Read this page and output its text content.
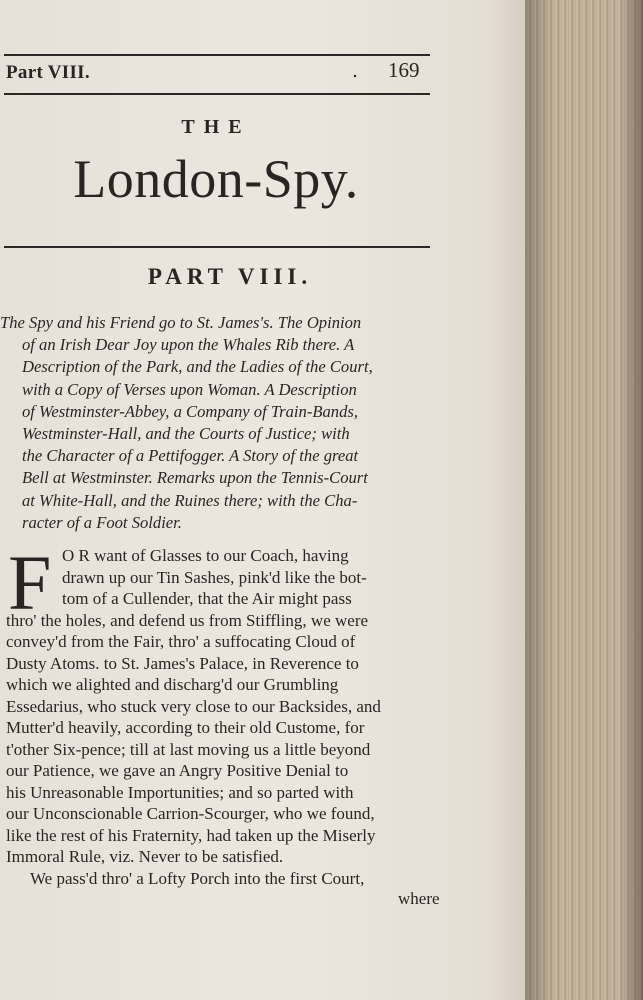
Part VIII.	. 169
THE
London-Spy.
PART VIII.
The Spy and his Friend go to St. James's. The Opinion
of an Irish Dear Joy upon the Whales Rib there. A
Description of the Park, and the Ladies of the Court,
with a Copy of Verses upon Woman. A Description
of Westminster-Abbey, a Company of Train-Bands,
Westminster-Hall, and the Courts of Justice; with
the Character of a Pettifogger. A Story of the great
Bell at Westminster. Remarks upon the Tennis-Court
at White-Hall, and the Ruines there; with the Cha-
racter of a Foot Soldier.
F O R want of Glasses to our Coach, having
drawn up our Tin Sashes, pink'd like the bot-
tom of a Cullender, that the Air might pass
thro' the holes, and defend us from Stiffling, we were
convey'd from the Fair, thro' a suffocating Cloud of
Dusty Atoms. to St. James's Palace, in Reverence to
which we alighted and discharg'd our Grumbling
Essedarius, who stuck very close to our Backsides, and
Mutter'd heavily, according to their old Custome, for
t'other Six-pence; till at last moving us a little beyond
our Patience, we gave an Angry Positive Denial to
his Unreasonable Importunities; and so parted with
our Unconscionable Carrion-Scourger, who we found,
like the rest of his Fraternity, had taken up the Miserly
Immoral Rule, viz. Never to be satisfied.
We pass'd thro' a Lofty Porch into the first Court,
where
